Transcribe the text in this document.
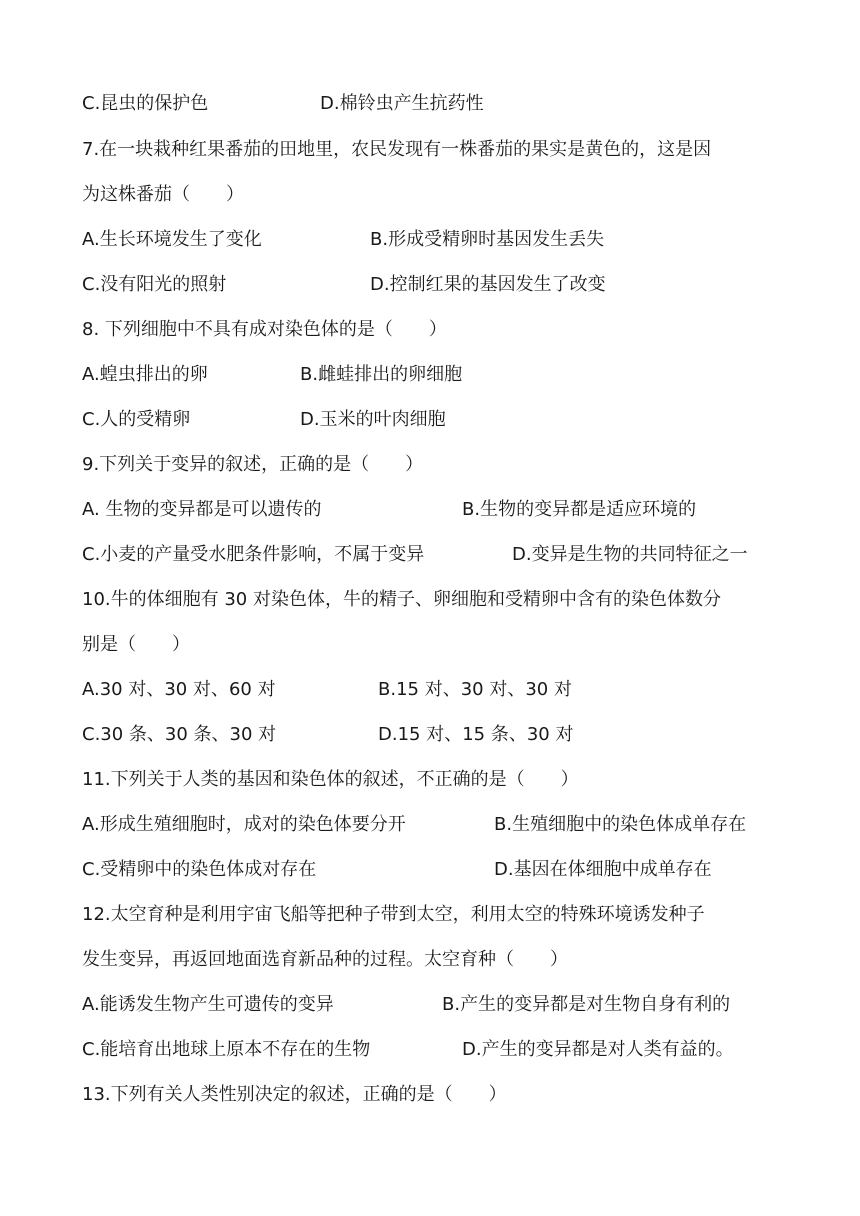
C.昆虫的保护色	D.棉铃虫产生抗药性
7.在一块栽种红果番茄的田地里，农民发现有一株番茄的果实是黄色的，这是因
为这株番茄（　　）
A.生长环境发生了变化	B.形成受精卵时基因发生丢失
C.没有阳光的照射	D.控制红果的基因发生了改变
8. 下列细胞中不具有成对染色体的是（　　）
A.蝗虫排出的卵	B.雌蛙排出的卵细胞
C.人的受精卵	D.玉米的叶肉细胞
9.下列关于变异的叙述，正确的是（　　）
A. 生物的变异都是可以遗传的	B.生物的变异都是适应环境的
C.小麦的产量受水肥条件影响，不属于变异	D.变异是生物的共同特征之一
10.牛的体细胞有 30 对染色体，牛的精子、卵细胞和受精卵中含有的染色体数分
别是（　　）
A.30 对、30 对、60 对	B.15 对、30 对、30 对
C.30 条、30 条、30 对	D.15 对、15 条、30 对
11.下列关于人类的基因和染色体的叙述，不正确的是（　　）
A.形成生殖细胞时，成对的染色体要分开	B.生殖细胞中的染色体成单存在
C.受精卵中的染色体成对存在	D.基因在体细胞中成单存在
12.太空育种是利用宇宙飞船等把种子带到太空，利用太空的特殊环境诱发种子
发生变异，再返回地面选育新品种的过程。太空育种（　　）
A.能诱发生物产生可遗传的变异	B.产生的变异都是对生物自身有利的
C.能培育出地球上原本不存在的生物	D.产生的变异都是对人类有益的。
13.下列有关人类性别决定的叙述，正确的是（　　）
